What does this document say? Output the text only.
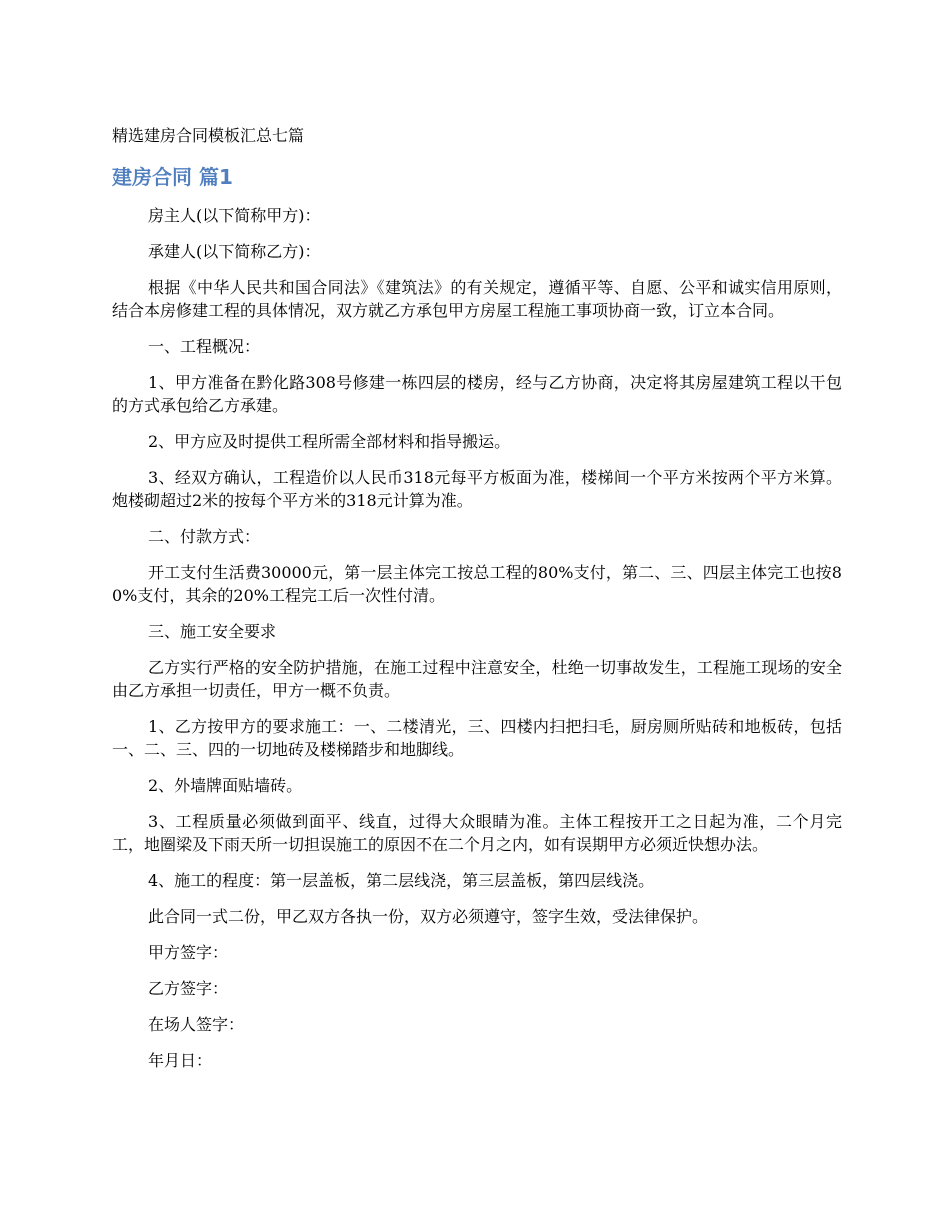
精选建房合同模板汇总七篇
建房合同 篇1

房主人(以下简称甲方)：

承建人(以下简称乙方)：

根据《中华人民共和国合同法》《建筑法》的有关规定，遵循平等、自愿、公平和诚实信用原则，结合本房修建工程的具体情况，双方就乙方承包甲方房屋工程施工事项协商一致，订立本合同。

一、工程概况：

1、甲方准备在黔化路308号修建一栋四层的楼房，经与乙方协商，决定将其房屋建筑工程以干包的方式承包给乙方承建。

2、甲方应及时提供工程所需全部材料和指导搬运。

3、经双方确认，工程造价以人民币318元每平方板面为准，楼梯间一个平方米按两个平方米算。炮楼砌超过2米的按每个平方米的318元计算为准。

二、付款方式：

开工支付生活费30000元，第一层主体完工按总工程的80%支付，第二、三、四层主体完工也按80%支付，其余的20%工程完工后一次性付清。

三、施工安全要求

乙方实行严格的安全防护措施，在施工过程中注意安全，杜绝一切事故发生，工程施工现场的安全由乙方承担一切责任，甲方一概不负责。

1、乙方按甲方的要求施工：一、二楼清光，三、四楼内扫把扫毛，厨房厕所贴砖和地板砖，包括一、二、三、四的一切地砖及楼梯踏步和地脚线。

2、外墙牌面贴墙砖。

3、工程质量必须做到面平、线直，过得大众眼睛为准。主体工程按开工之日起为准，二个月完工，地圈梁及下雨天所一切担误施工的原因不在二个月之内，如有误期甲方必须近快想办法。

4、施工的程度：第一层盖板，第二层线浇，第三层盖板，第四层线浇。

此合同一式二份，甲乙双方各执一份，双方必须遵守，签字生效，受法律保护。

甲方签字：

乙方签字：

在场人签字：

年月日：
